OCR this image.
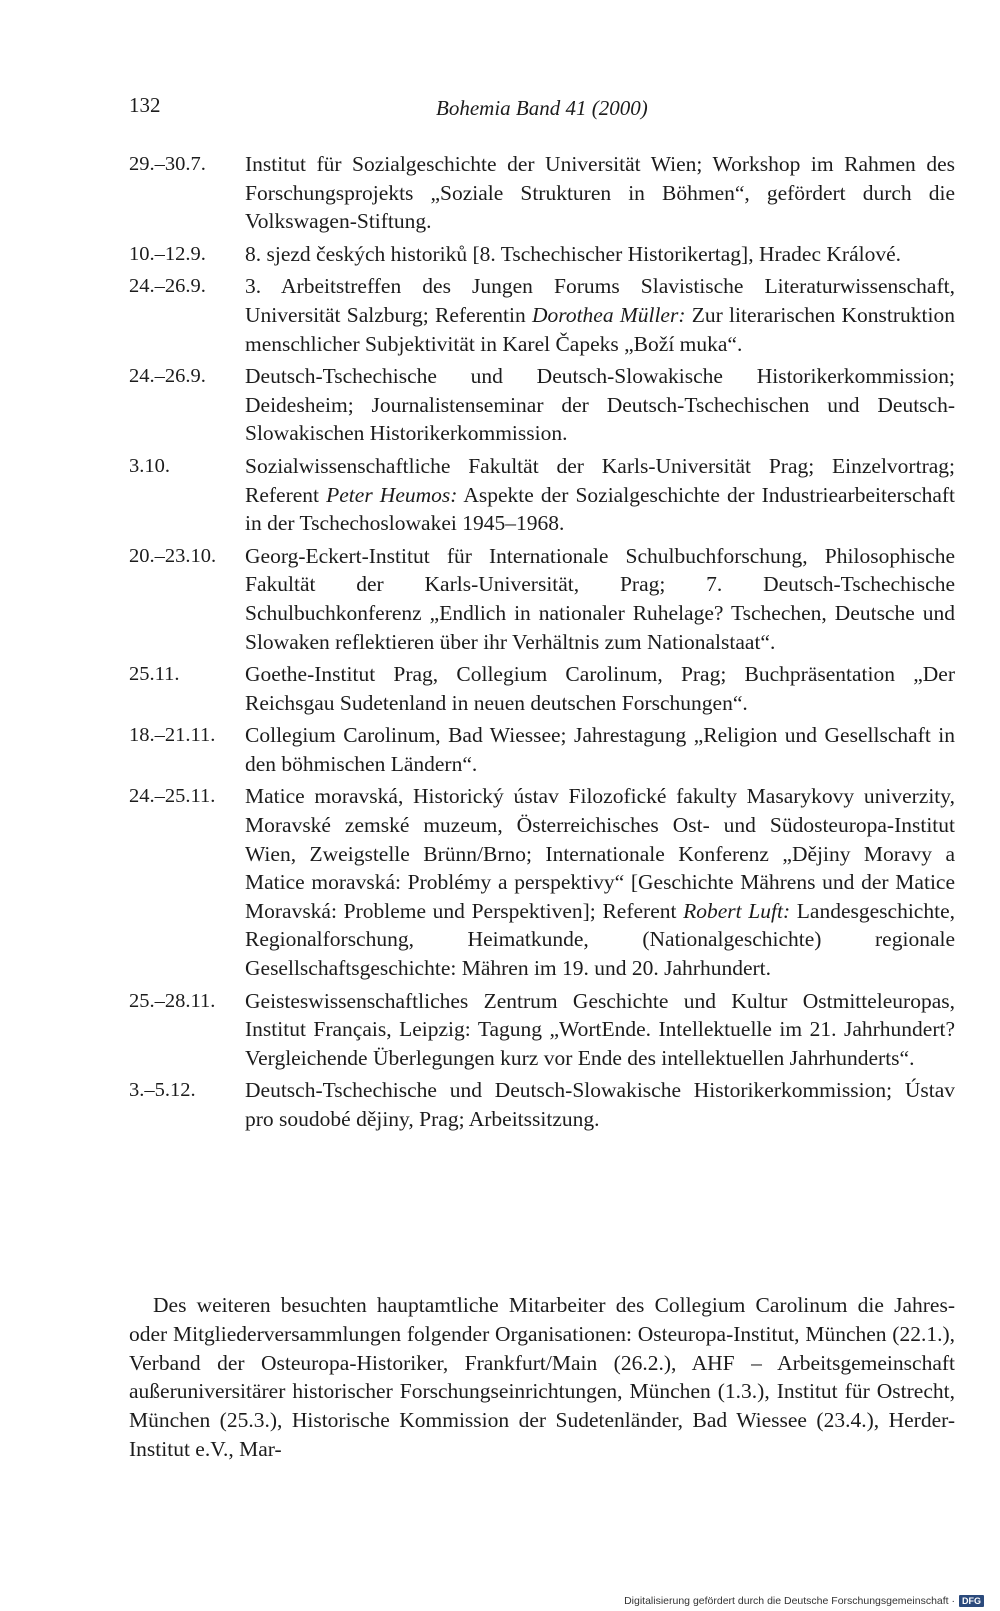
132	Bohemia Band 41 (2000)
29.–30.7.	Institut für Sozialgeschichte der Universität Wien; Workshop im Rahmen des Forschungsprojekts „Soziale Strukturen in Böhmen“, gefördert durch die Volkswagen-Stiftung.
10.–12.9.	8. sjezd českých historiků [8. Tschechischer Historikertag], Hradec Králové.
24.–26.9.	3. Arbeitstreffen des Jungen Forums Slavistische Literaturwissenschaft, Universität Salzburg; Referentin Dorothea Müller: Zur literarischen Konstruktion menschlicher Subjektivität in Karel Čapeks „Boží muka“.
24.–26.9.	Deutsch-Tschechische und Deutsch-Slowakische Historikerkommission; Deidesheim; Journalistenseminar der Deutsch-Tschechischen und Deutsch-Slowakischen Historikerkommission.
3.10.	Sozialwissenschaftliche Fakultät der Karls-Universität Prag; Einzelvortrag; Referent Peter Heumos: Aspekte der Sozialgeschichte der Industriearbeiterschaft in der Tschechoslowakei 1945–1968.
20.–23.10.	Georg-Eckert-Institut für Internationale Schulbuchforschung, Philosophische Fakultät der Karls-Universität, Prag; 7. Deutsch-Tschechische Schulbuchkonferenz „Endlich in nationaler Ruhelage? Tschechen, Deutsche und Slowaken reflektieren über ihr Verhältnis zum Nationalstaat“.
25.11.	Goethe-Institut Prag, Collegium Carolinum, Prag; Buchpräsentation „Der Reichsgau Sudetenland in neuen deutschen Forschungen“.
18.–21.11.	Collegium Carolinum, Bad Wiessee; Jahrestagung „Religion und Gesellschaft in den böhmischen Ländern“.
24.–25.11.	Matice moravská, Historický ústav Filozofické fakulty Masarykovy univerzity, Moravské zemské muzeum, Österreichisches Ost- und Südosteuropa-Institut Wien, Zweigstelle Brünn/Brno; Internationale Konferenz „Dějiny Moravy a Matice moravská: Problémy a perspektivy“ [Geschichte Mährens und der Matice Moravská: Probleme und Perspektiven]; Referent Robert Luft: Landesgeschichte, Regionalforschung, Heimatkunde, (Nationalgeschichte) regionale Gesellschaftsgeschichte: Mähren im 19. und 20. Jahrhundert.
25.–28.11.	Geisteswissenschaftliches Zentrum Geschichte und Kultur Ostmitteleuropas, Institut Français, Leipzig: Tagung „WortEnde. Intellektuelle im 21. Jahrhundert? Vergleichende Überlegungen kurz vor Ende des intellektuellen Jahrhunderts“.
3.–5.12.	Deutsch-Tschechische und Deutsch-Slowakische Historikerkommission; Ústav pro soudobé dějiny, Prag; Arbeitssitzung.

Des weiteren besuchten hauptamtliche Mitarbeiter des Collegium Carolinum die Jahres- oder Mitgliederversammlungen folgender Organisationen: Osteuropa-Institut, München (22.1.), Verband der Osteuropa-Historiker, Frankfurt/Main (26.2.), AHF – Arbeitsgemeinschaft außeruniversitärer historischer Forschungseinrichtungen, München (1.3.), Institut für Ostrecht, München (25.3.), Historische Kommission der Sudetenländer, Bad Wiessee (23.4.), Herder-Institut e.V., Mar-

Digitalisierung gefördert durch die Deutsche Forschungsgemeinschaft · DFG
